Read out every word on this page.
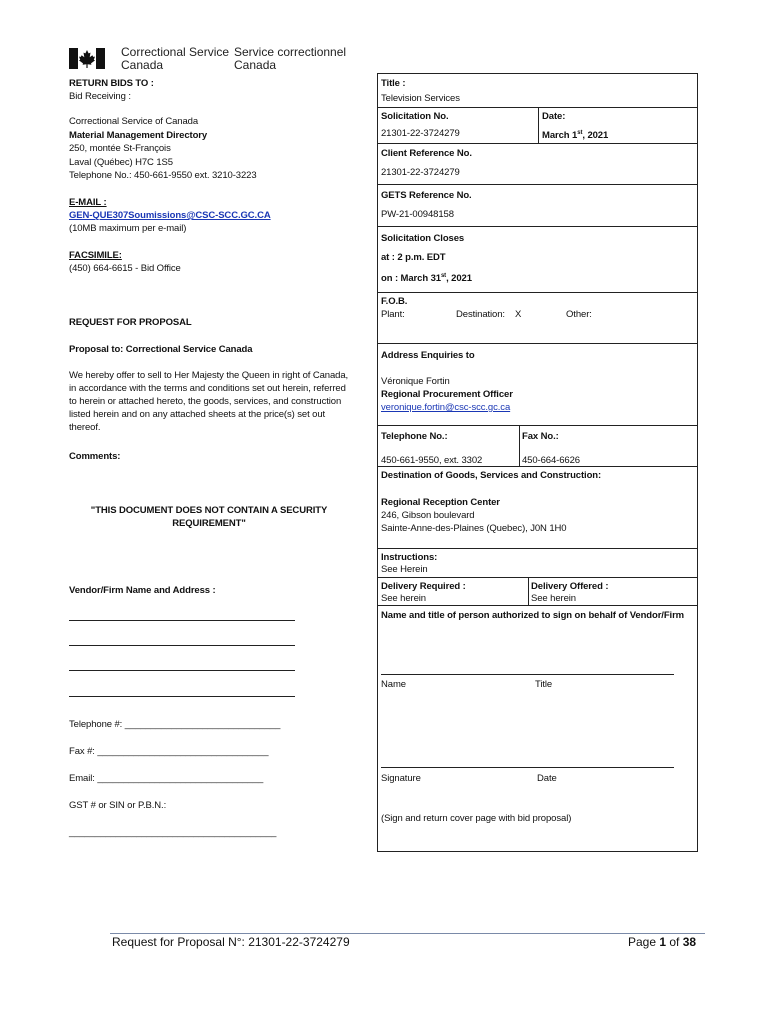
Correctional Service
Canada
Service correctionnel
Canada
RETURN BIDS TO :
Bid Receiving :
Correctional Service of Canada
Material Management Directory
250, montée St-François
Laval (Québec) H7C 1S5
Telephone No.: 450-661-9550 ext. 3210-3223
E-MAIL :
GEN-QUE307Soumissions@CSC-SCC.GC.CA
(10MB maximum per e-mail)
FACSIMILE:
(450) 664-6615 - Bid Office
REQUEST FOR PROPOSAL
Proposal to: Correctional Service Canada
We hereby offer to sell to Her Majesty the Queen in right of Canada,
in accordance with the terms and conditions set out herein, referred
to herein or attached hereto, the goods, services, and construction
listed herein and on any attached sheets at the price(s) set out
thereof.
Comments:
"THIS DOCUMENT DOES NOT CONTAIN A SECURITY
REQUIREMENT"
Vendor/Firm Name and Address :
Telephone #: ______________________________
Fax #: _________________________________
Email: ________________________________
GST # or SIN or P.B.N.:
________________________________________
Title :
Television Services
Solicitation No.	Date:
21301-22-3724279	March 1st, 2021
Client Reference No.
21301-22-3724279
GETS Reference No.
PW-21-00948158
Solicitation Closes
at : 2 p.m. EDT
on : March 31st, 2021
F.O.B.
Plant:	Destination: X	Other:
Address Enquiries to
Véronique Fortin
Regional Procurement Officer
veronique.fortin@csc-scc.gc.ca
Telephone No.:	Fax No.:
450-661-9550, ext. 3302	450-664-6626
Destination of Goods, Services and Construction:
Regional Reception Center
246, Gibson boulevard
Sainte-Anne-des-Plaines (Quebec), J0N 1H0
Instructions:
See Herein
Delivery Required :
See herein
Delivery Offered :
See herein
Name and title of person authorized to sign on behalf of Vendor/Firm
Name	Title
Signature	Date
(Sign and return cover page with bid proposal)
Request for Proposal N°: 21301-22-3724279	Page 1 of 38
